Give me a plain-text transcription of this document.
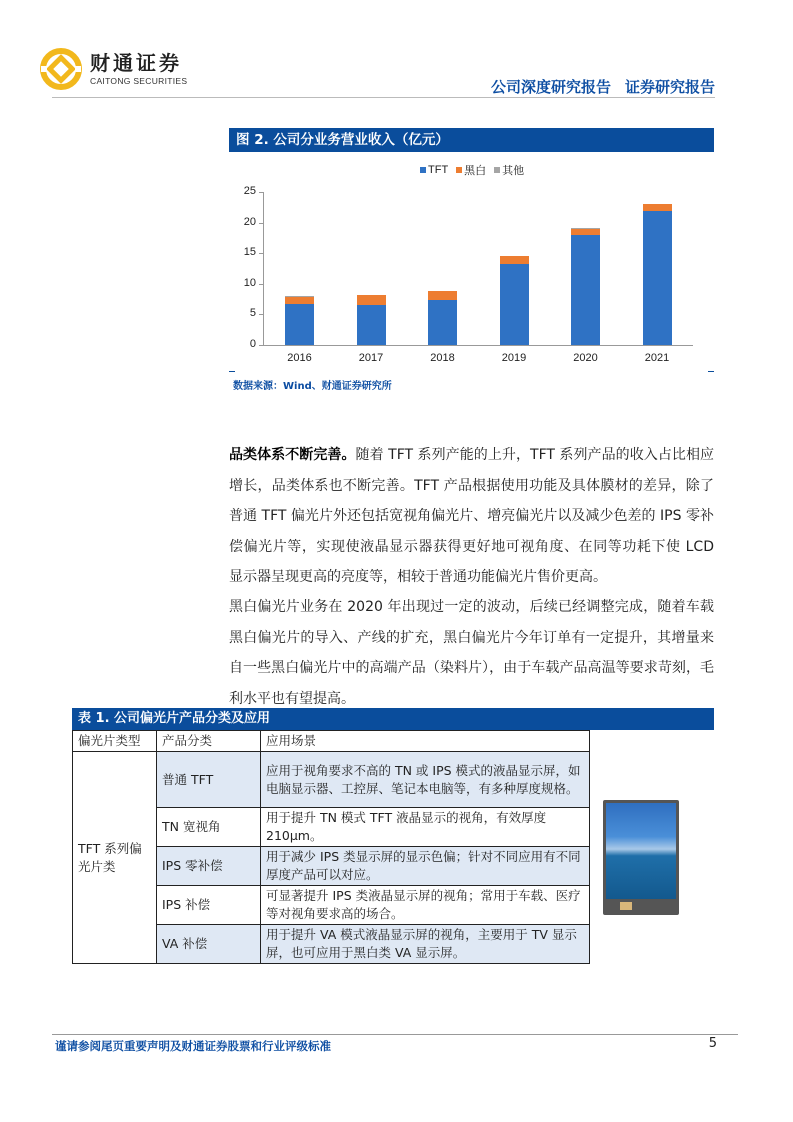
财通证券
CAITONG SECURITIES	公司深度研究报告 证券研究报告
图 2. 公司分业务营业收入（亿元）
TFT 黑白 其他
0
5
10
15
20
25
2016	2017	2018	2019	2020	2021
数据来源：Wind、财通证券研究所
品类体系不断完善。随着 TFT 系列产能的上升，TFT 系列产品的收入占比相应增长，品类体系也不断完善。TFT 产品根据使用功能及具体膜材的差异，除了普通 TFT 偏光片外还包括宽视角偏光片、增亮偏光片以及减少色差的 IPS 零补偿偏光片等，实现使液晶显示器获得更好地可视角度、在同等功耗下使 LCD 显示器呈现更高的亮度等，相较于普通功能偏光片售价更高。
黑白偏光片业务在 2020 年出现过一定的波动，后续已经调整完成，随着车载黑白偏光片的导入、产线的扩充，黑白偏光片今年订单有一定提升，其增量来自一些黑白偏光片中的高端产品（染料片），由于车载产品高温等要求苛刻，毛利水平也有望提高。
表 1. 公司偏光片产品分类及应用
偏光片类型	产品分类	应用场景
TFT 系列偏光片类	普通 TFT	应用于视角要求不高的 TN 或 IPS 模式的液晶显示屏，如电脑显示器、工控屏、笔记本电脑等，有多种厚度规格。
	TN 宽视角	用于提升 TN 模式 TFT 液晶显示的视角，有效厚度 210μm。
	IPS 零补偿	用于减少 IPS 类显示屏的显示色偏；针对不同应用有不同厚度产品可以对应。
	IPS 补偿	可显著提升 IPS 类液晶显示屏的视角；常用于车载、医疗等对视角要求高的场合。
	VA 补偿	用于提升 VA 模式液晶显示屏的视角，主要用于 TV 显示屏，也可应用于黑白类 VA 显示屏。
谨请参阅尾页重要声明及财通证券股票和行业评级标准	5
